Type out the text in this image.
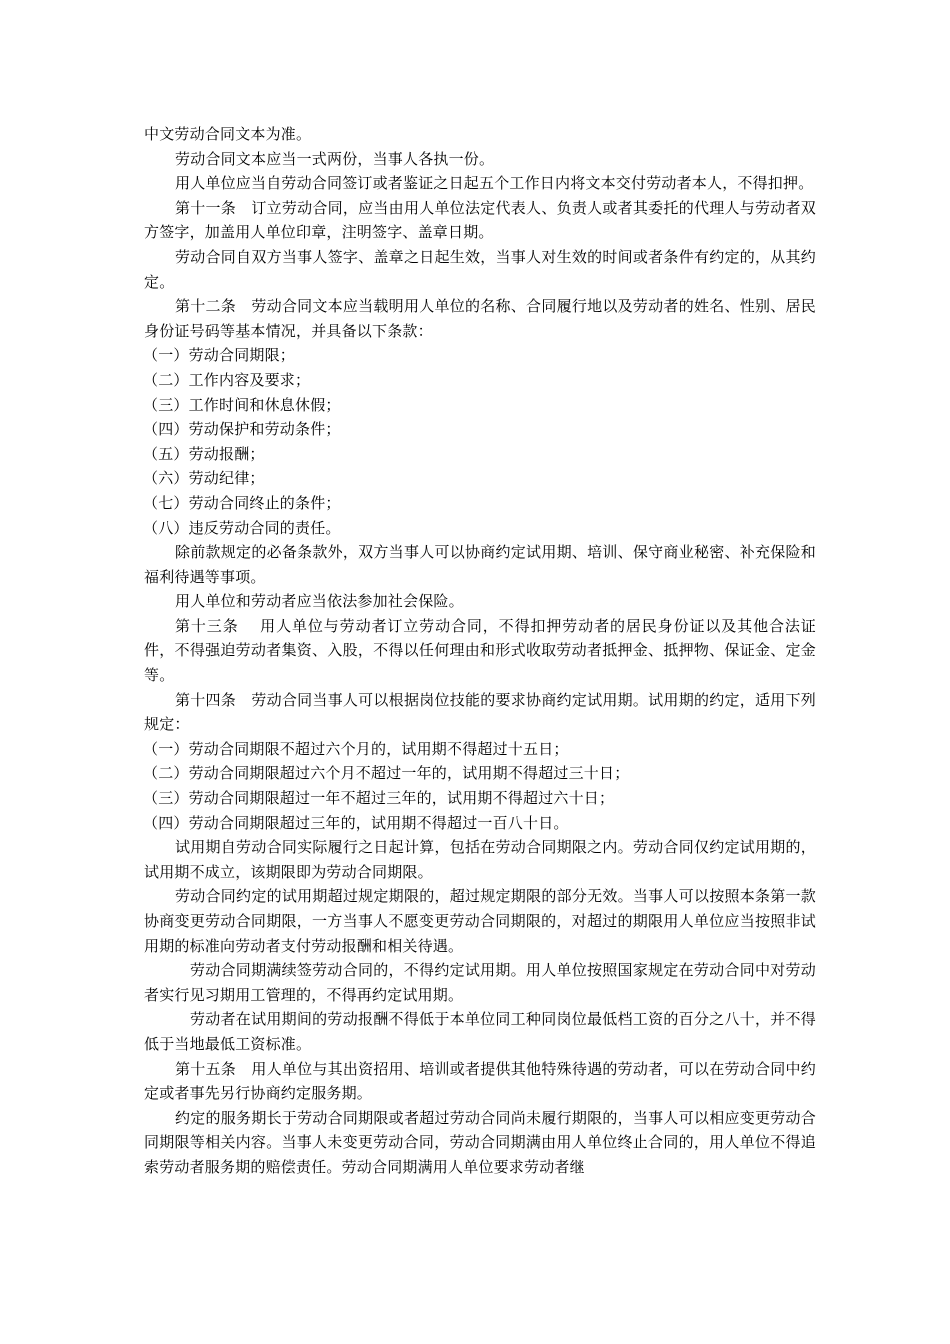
中文劳动合同文本为准。

劳动合同文本应当一式两份，当事人各执一份。

用人单位应当自劳动合同签订或者鉴证之日起五个工作日内将文本交付劳动者本人，不得扣押。

第十一条　订立劳动合同，应当由用人单位法定代表人、负责人或者其委托的代理人与劳动者双方签字，加盖用人单位印章，注明签字、盖章日期。

劳动合同自双方当事人签字、盖章之日起生效，当事人对生效的时间或者条件有约定的，从其约定。

第十二条　劳动合同文本应当载明用人单位的名称、合同履行地以及劳动者的姓名、性别、居民身份证号码等基本情况，并具备以下条款：

（一）劳动合同期限；

（二）工作内容及要求；

（三）工作时间和休息休假；

（四）劳动保护和劳动条件；

（五）劳动报酬；

（六）劳动纪律；

（七）劳动合同终止的条件；

（八）违反劳动合同的责任。

除前款规定的必备条款外，双方当事人可以协商约定试用期、培训、保守商业秘密、补充保险和福利待遇等事项。

用人单位和劳动者应当依法参加社会保险。

第十三条　 用人单位与劳动者订立劳动合同，不得扣押劳动者的居民身份证以及其他合法证件，不得强迫劳动者集资、入股，不得以任何理由和形式收取劳动者抵押金、抵押物、保证金、定金等。

第十四条　劳动合同当事人可以根据岗位技能的要求协商约定试用期。试用期的约定，适用下列规定：

（一）劳动合同期限不超过六个月的，试用期不得超过十五日；

（二）劳动合同期限超过六个月不超过一年的，试用期不得超过三十日；

（三）劳动合同期限超过一年不超过三年的，试用期不得超过六十日；

（四）劳动合同期限超过三年的，试用期不得超过一百八十日。

试用期自劳动合同实际履行之日起计算，包括在劳动合同期限之内。劳动合同仅约定试用期的，试用期不成立，该期限即为劳动合同期限。

劳动合同约定的试用期超过规定期限的，超过规定期限的部分无效。当事人可以按照本条第一款协商变更劳动合同期限，一方当事人不愿变更劳动合同期限的，对超过的期限用人单位应当按照非试用期的标准向劳动者支付劳动报酬和相关待遇。

劳动合同期满续签劳动合同的，不得约定试用期。用人单位按照国家规定在劳动合同中对劳动者实行见习期用工管理的，不得再约定试用期。

劳动者在试用期间的劳动报酬不得低于本单位同工种同岗位最低档工资的百分之八十，并不得低于当地最低工资标准。

第十五条　用人单位与其出资招用、培训或者提供其他特殊待遇的劳动者，可以在劳动合同中约定或者事先另行协商约定服务期。

约定的服务期长于劳动合同期限或者超过劳动合同尚未履行期限的，当事人可以相应变更劳动合同期限等相关内容。当事人未变更劳动合同，劳动合同期满由用人单位终止合同的，用人单位不得追索劳动者服务期的赔偿责任。劳动合同期满用人单位要求劳动者继
